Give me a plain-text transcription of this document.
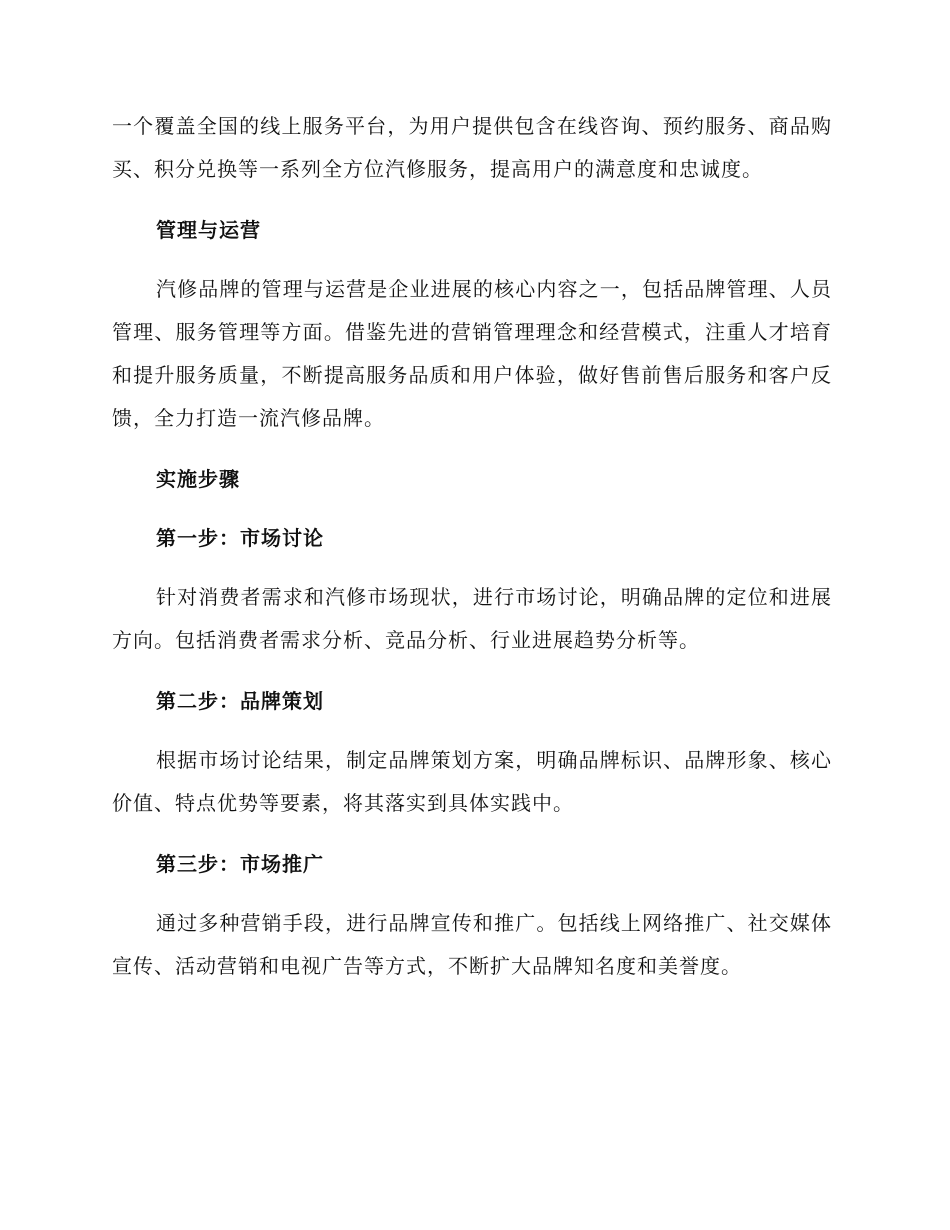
一个覆盖全国的线上服务平台，为用户提供包含在线咨询、预约服务、商品购买、积分兑换等一系列全方位汽修服务，提高用户的满意度和忠诚度。

管理与运营

汽修品牌的管理与运营是企业进展的核心内容之一，包括品牌管理、人员管理、服务管理等方面。借鉴先进的营销管理理念和经营模式，注重人才培育和提升服务质量，不断提高服务品质和用户体验，做好售前售后服务和客户反馈，全力打造一流汽修品牌。

实施步骤
第一步：市场讨论

针对消费者需求和汽修市场现状，进行市场讨论，明确品牌的定位和进展方向。包括消费者需求分析、竞品分析、行业进展趋势分析等。

第二步：品牌策划

根据市场讨论结果，制定品牌策划方案，明确品牌标识、品牌形象、核心价值、特点优势等要素，将其落实到具体实践中。

第三步：市场推广

通过多种营销手段，进行品牌宣传和推广。包括线上网络推广、社交媒体宣传、活动营销和电视广告等方式，不断扩大品牌知名度和美誉度。
